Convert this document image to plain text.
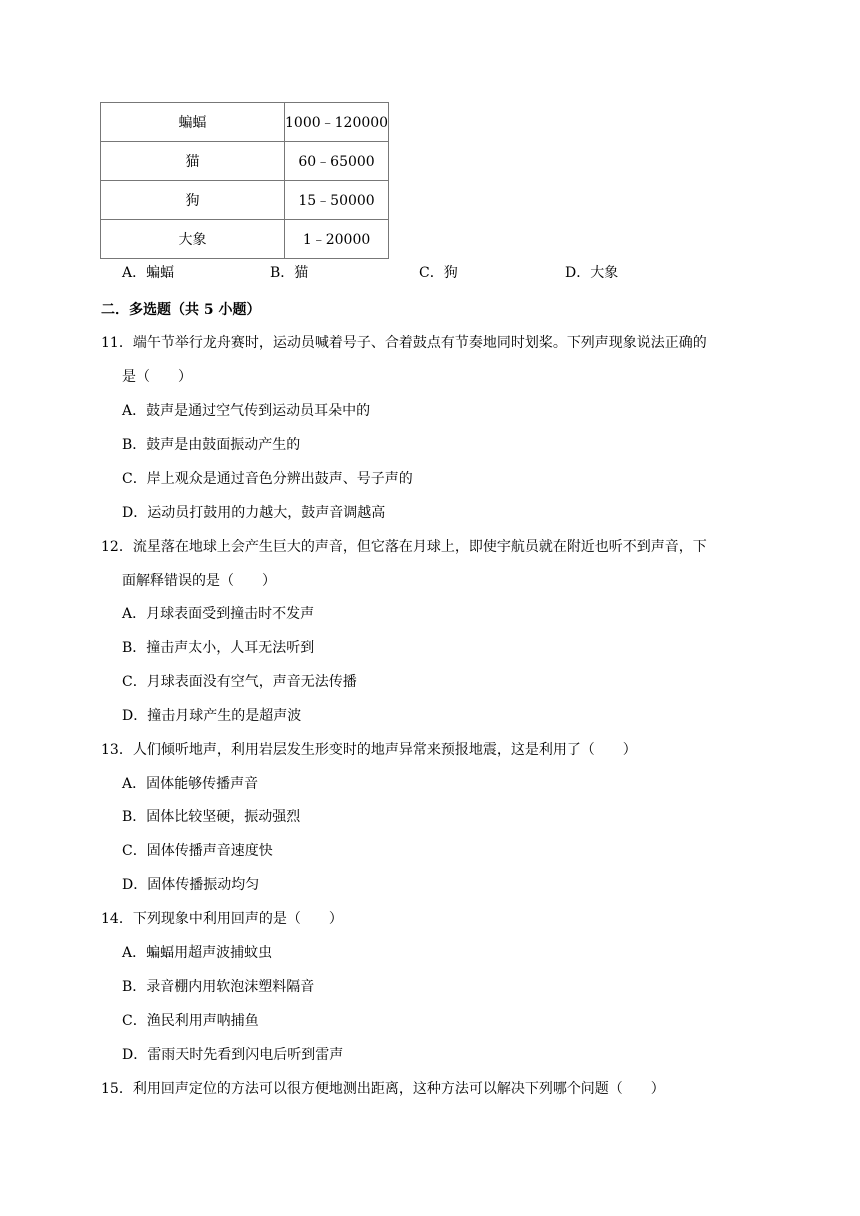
蝙蝠	1000﹣120000
猫	60﹣65000
狗	15﹣50000
大象	1﹣20000
A．蝙蝠	B．猫	C．狗	D．大象
二．多选题（共 5 小题）
11．端午节举行龙舟赛时，运动员喊着号子、合着鼓点有节奏地同时划桨。下列声现象说法正确的
是（　　）
A．鼓声是通过空气传到运动员耳朵中的
B．鼓声是由鼓面振动产生的
C．岸上观众是通过音色分辨出鼓声、号子声的
D．运动员打鼓用的力越大，鼓声音调越高
12．流星落在地球上会产生巨大的声音，但它落在月球上，即使宇航员就在附近也听不到声音，下
面解释错误的是（　　）
A．月球表面受到撞击时不发声
B．撞击声太小，人耳无法听到
C．月球表面没有空气，声音无法传播
D．撞击月球产生的是超声波
13．人们倾听地声，利用岩层发生形变时的地声异常来预报地震，这是利用了（　　）
A．固体能够传播声音
B．固体比较坚硬，振动强烈
C．固体传播声音速度快
D．固体传播振动均匀
14．下列现象中利用回声的是（　　）
A．蝙蝠用超声波捕蚊虫
B．录音棚内用软泡沫塑料隔音
C．渔民利用声呐捕鱼
D．雷雨天时先看到闪电后听到雷声
15．利用回声定位的方法可以很方便地测出距离，这种方法可以解决下列哪个问题（　　）
